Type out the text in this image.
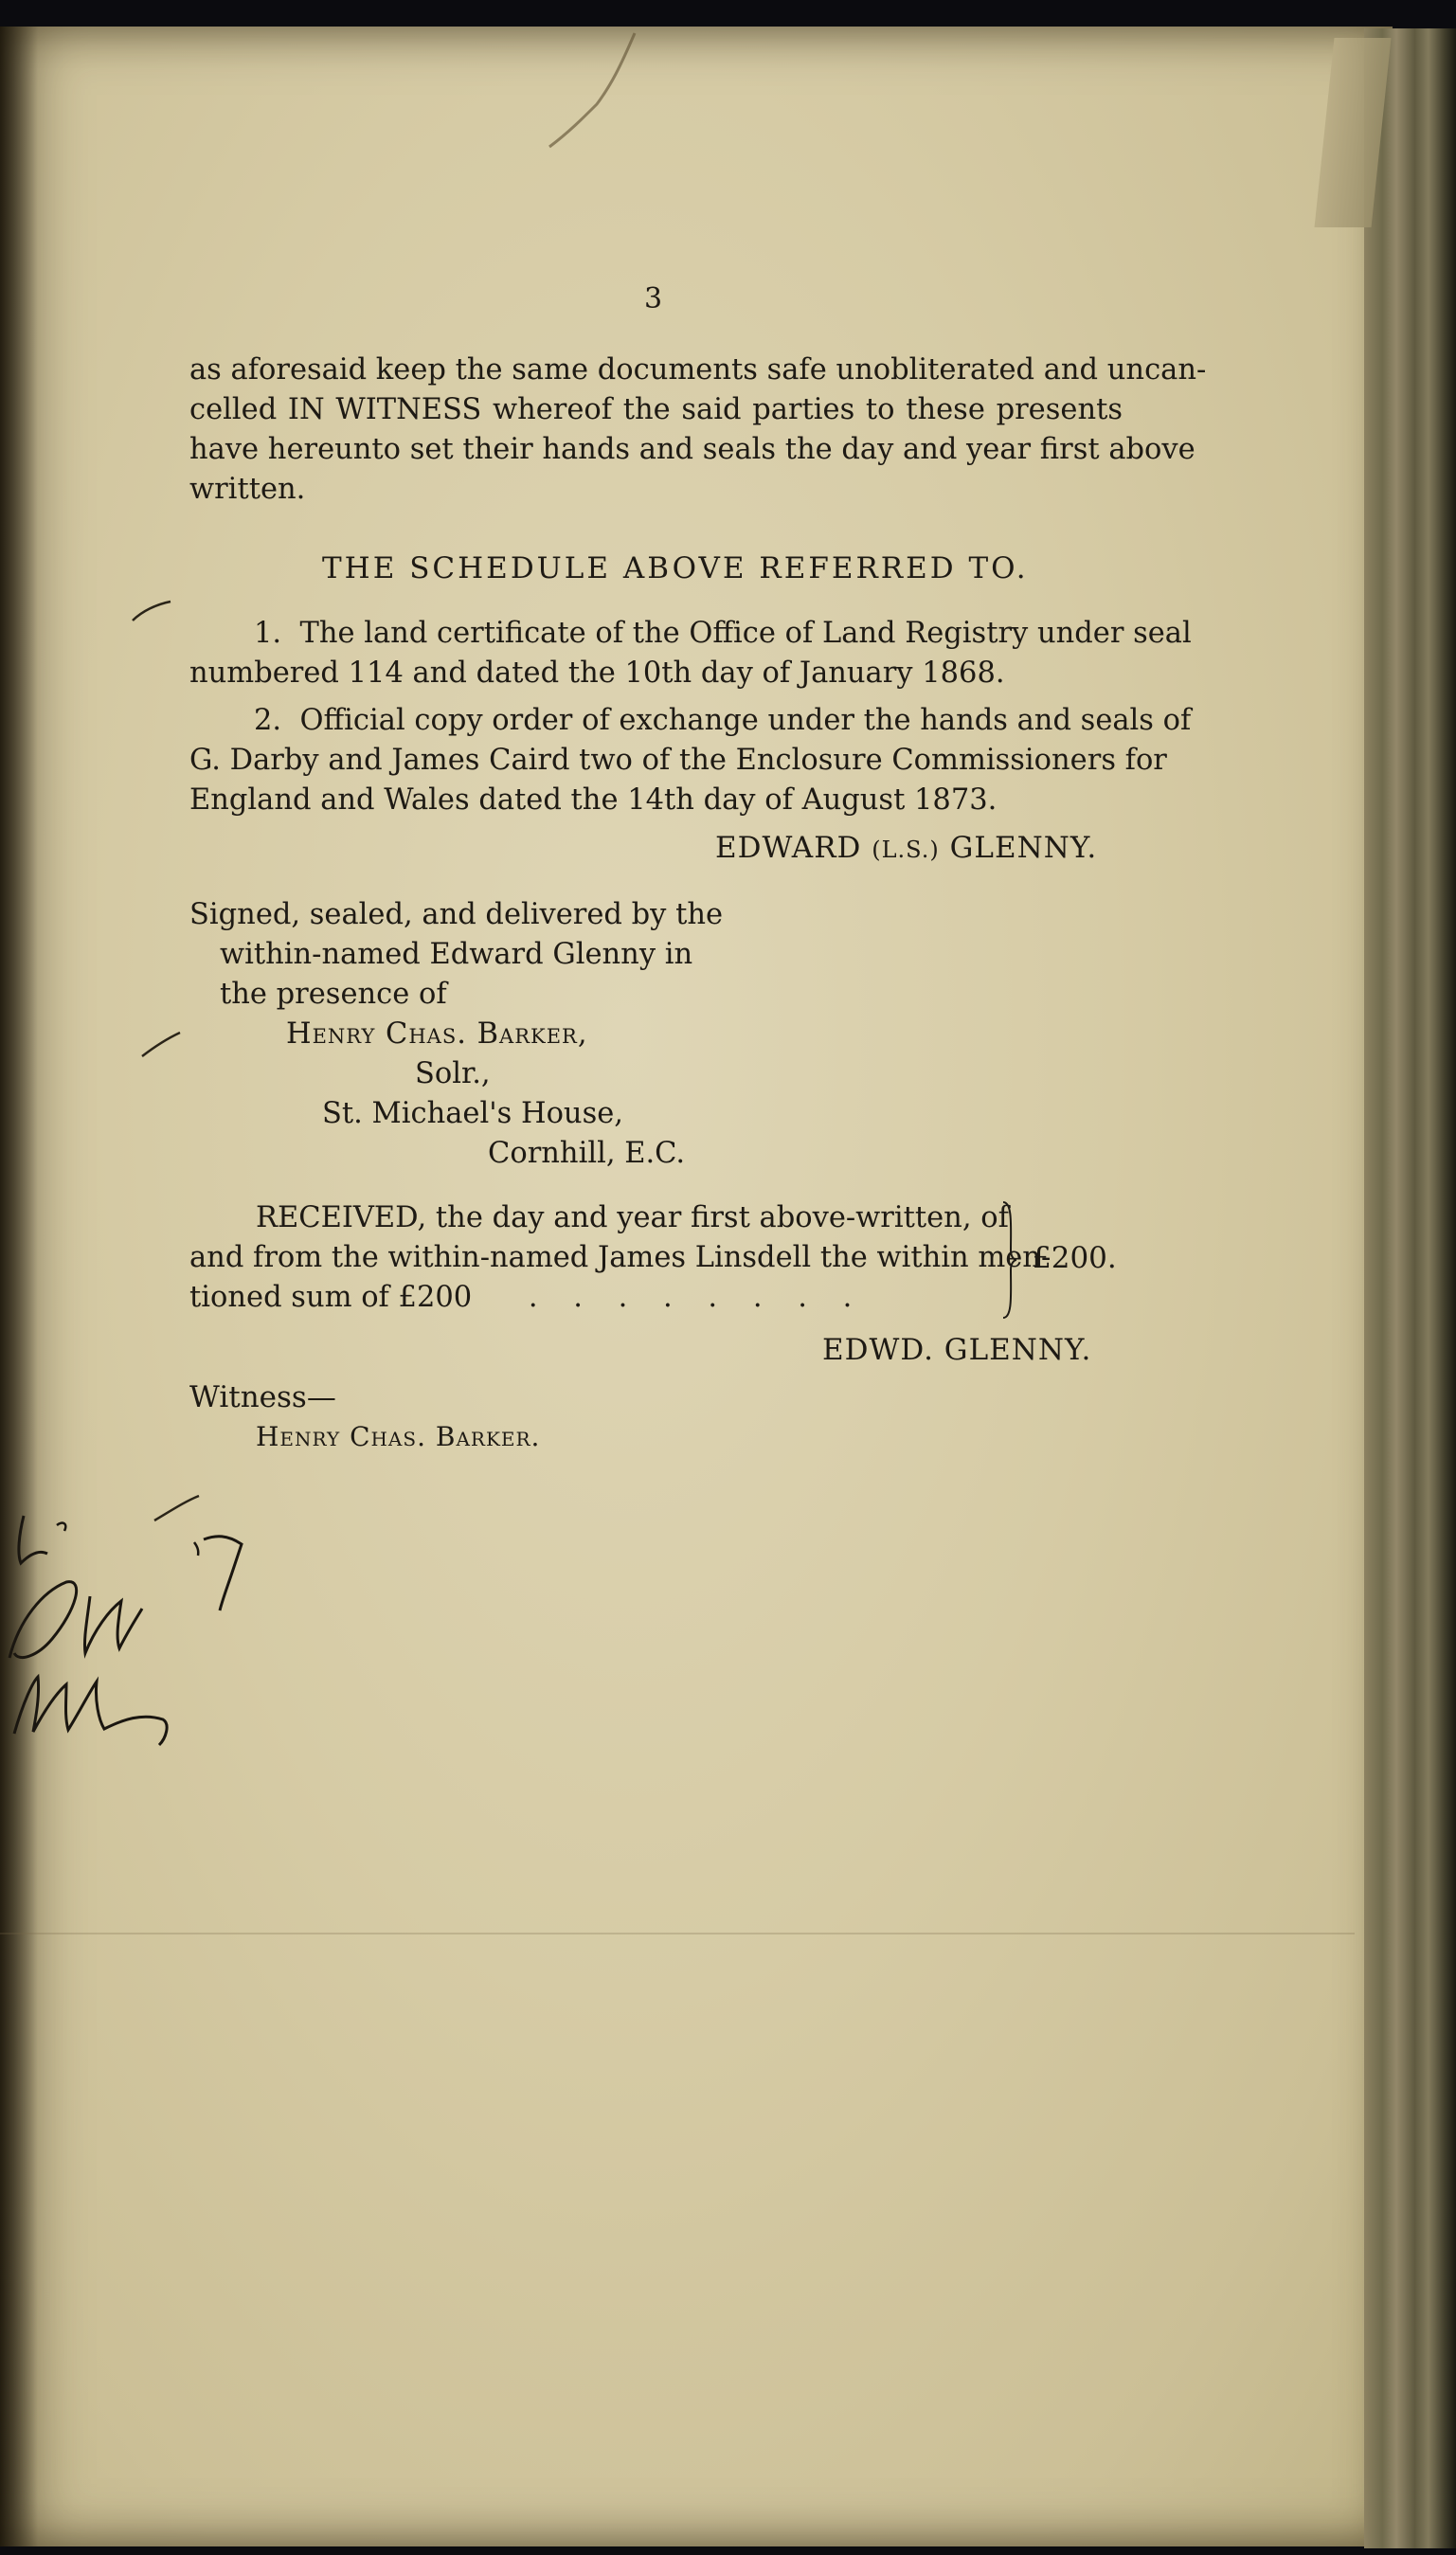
3
as aforesaid keep the same documents safe unobliterated and uncan-
celled IN WITNESS whereof the said parties to these presents
have hereunto set their hands and seals the day and year first above
written.
THE SCHEDULE ABOVE REFERRED TO.
1. The land certificate of the Office of Land Registry under seal
numbered 114 and dated the 10th day of January 1868.
2. Official copy order of exchange under the hands and seals of
G. Darby and James Caird two of the Enclosure Commissioners for
England and Wales dated the 14th day of August 1873.
EDWARD (L.S.) GLENNY.
Signed, sealed, and delivered by the
within-named Edward Glenny in
the presence of
Henry Chas. Barker,
Solr.,
St. Michael's House,
Cornhill, E.C.
RECEIVED, the day and year first above-written, of
and from the within-named James Linsdell the within men-
tioned sum of £200 . . . . . . . .
£200.
EDWD. GLENNY.
Witness—
Henry Chas. Barker.
